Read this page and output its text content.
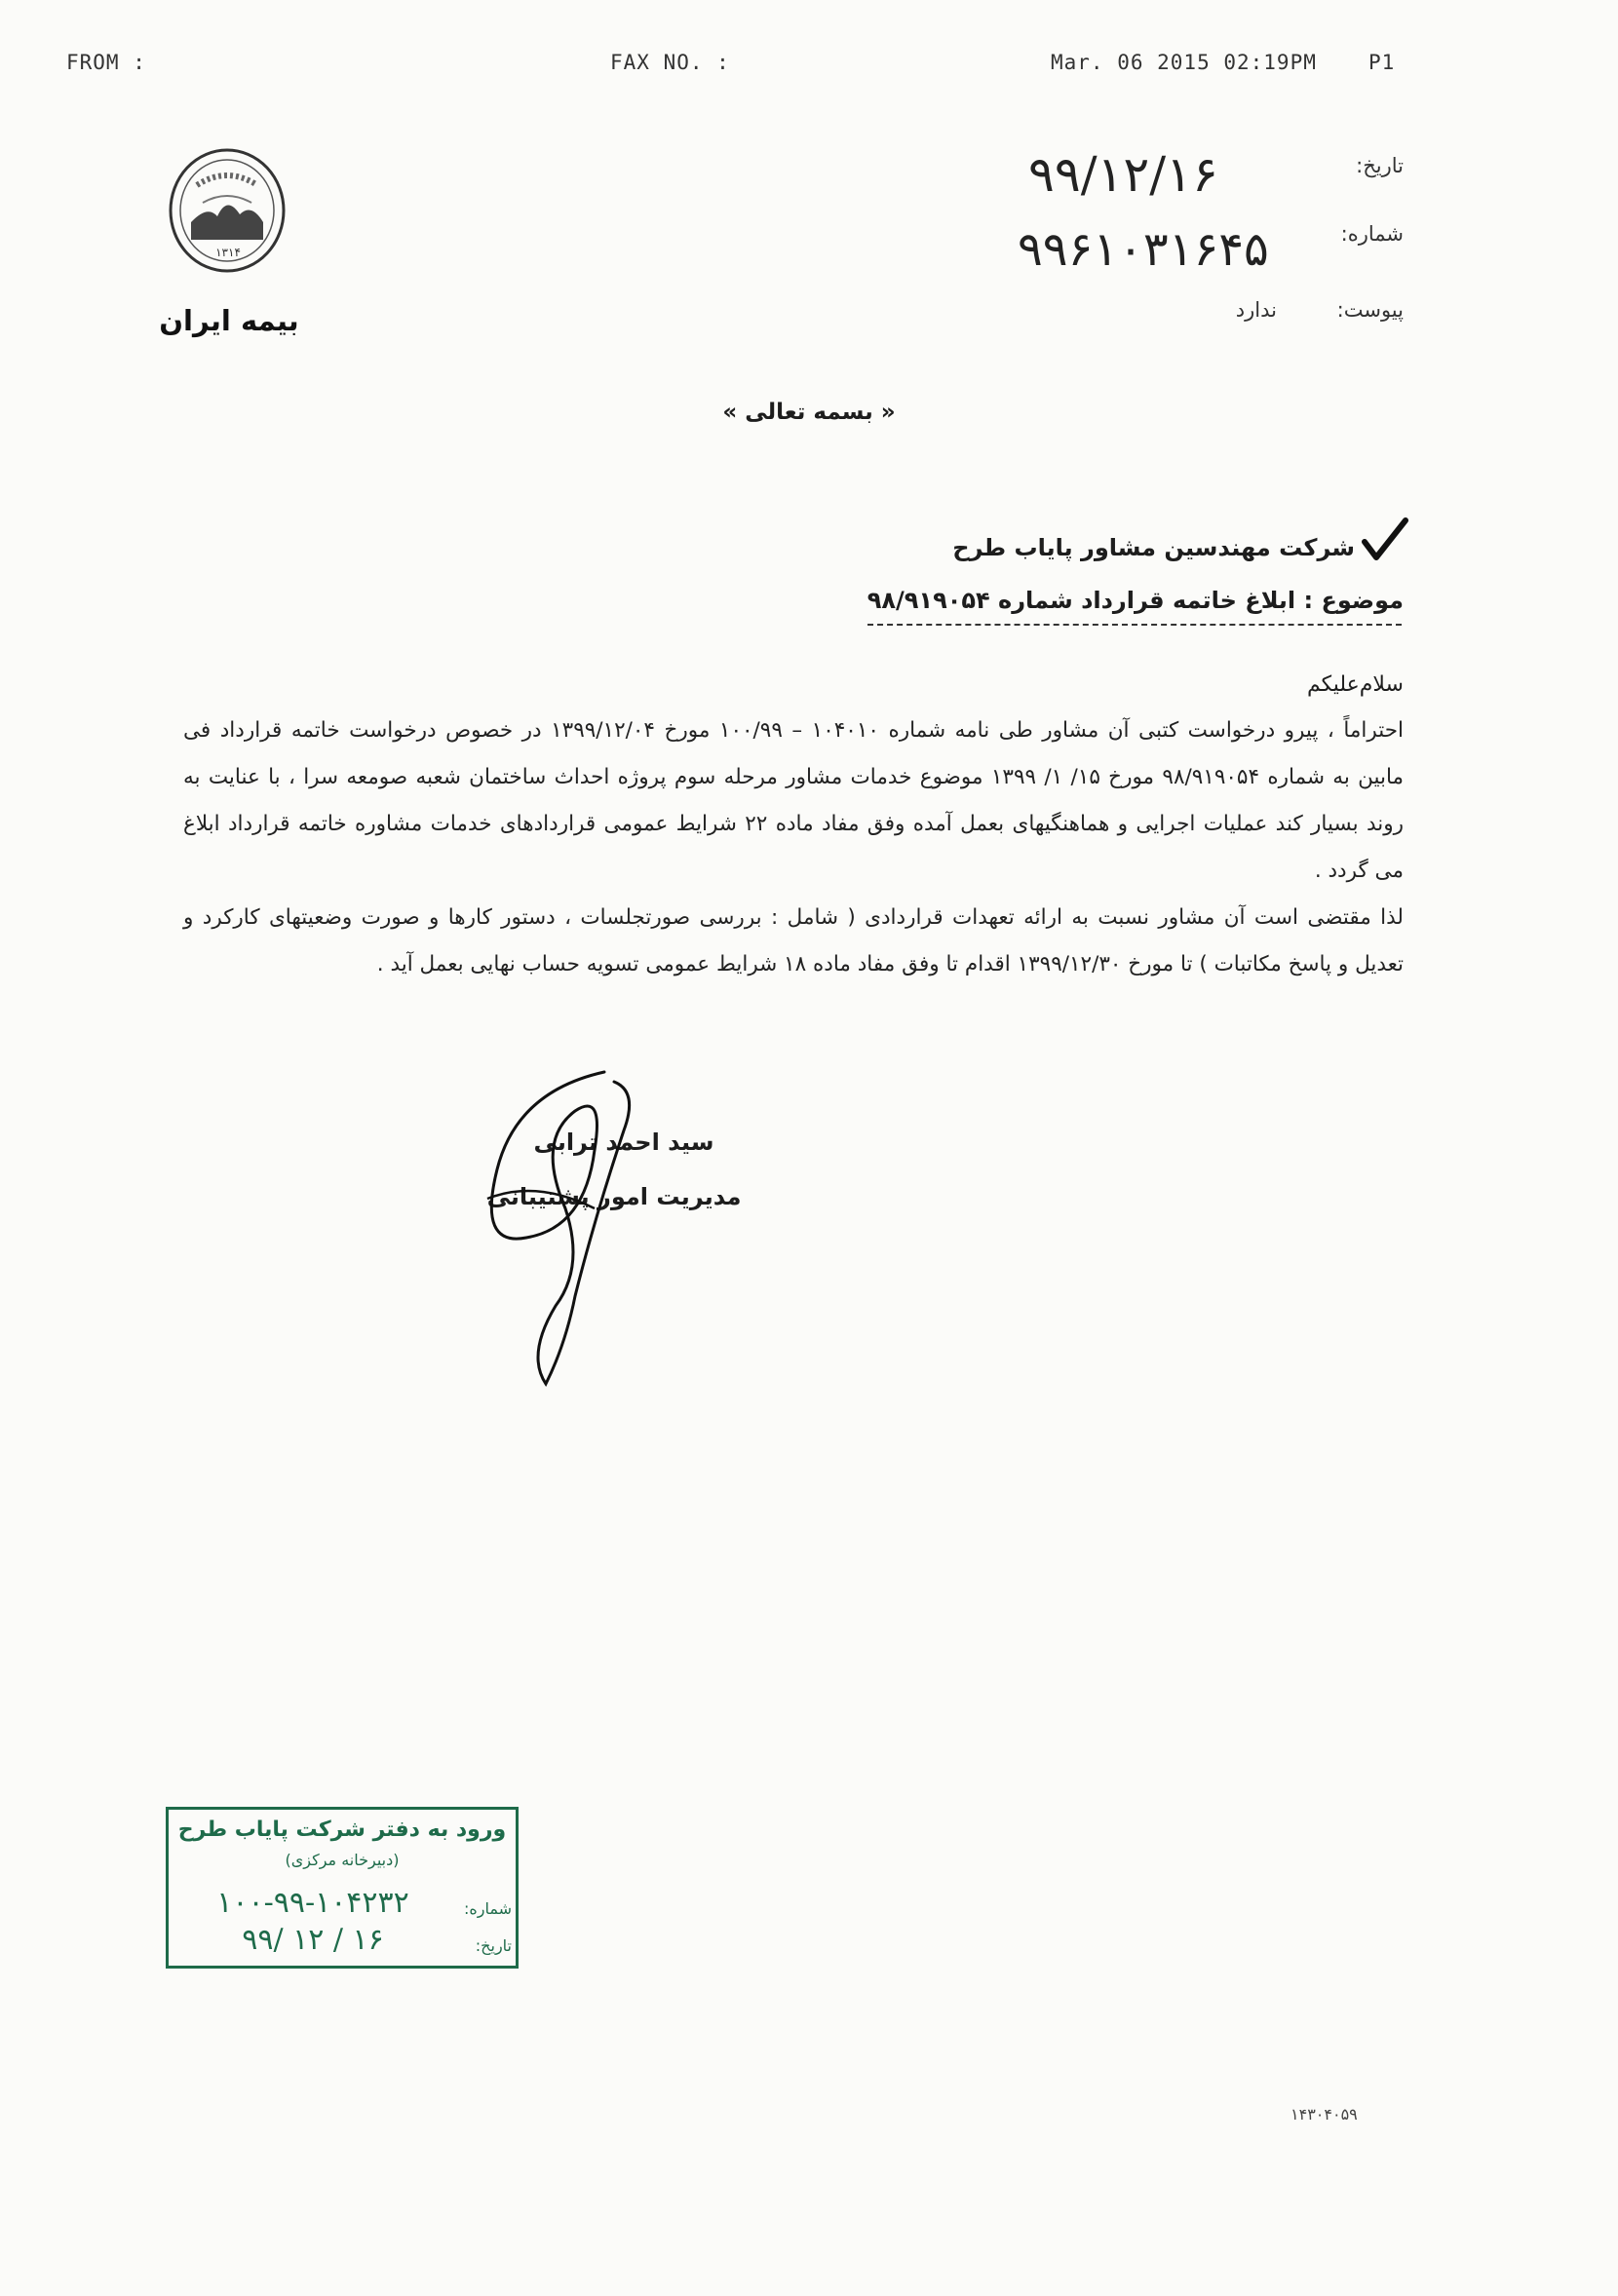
FROM :	FAX NO. :	Mar. 06 2015 02:19PM	P1
۱۳۱۴
بیمه ایران
تاریخ:
۹۹/۱۲/۱۶
شماره:
۹۹۶۱۰۳۱۶۴۵
پیوست:
ندارد
« بسمه تعالی »
شرکت مهندسین مشاور پایاب طرح
موضوع : ابلاغ خاتمه قرارداد شماره ۹۸/۹۱۹۰۵۴
سلام‌علیکم
احتراماً ، پیرو درخواست کتبی آن مشاور طی نامه شماره ۱۰۴۰۱۰ – ۱۰۰/۹۹ مورخ ۱۳۹۹/۱۲/۰۴ در خصوص درخواست خاتمه قرارداد فی مابین به شماره ۹۸/۹۱۹۰۵۴ مورخ ۱۵/ ۱/ ۱۳۹۹ موضوع خدمات مشاور مرحله سوم پروژه احداث ساختمان شعبه صومعه سرا ، با عنایت به روند بسیار کند عملیات اجرایی و هماهنگیهای بعمل آمده وفق مفاد ماده ۲۲ شرایط عمومی قراردادهای خدمات مشاوره خاتمه قرارداد ابلاغ می گردد .
لذا مقتضی است آن مشاور نسبت به ارائه تعهدات قراردادی ( شامل : بررسی صورتجلسات ، دستور کارها و صورت وضعیتهای کارکرد و تعدیل و پاسخ مکاتبات ) تا مورخ ۱۳۹۹/۱۲/۳۰ اقدام تا وفق مفاد ماده ۱۸ شرایط عمومی تسویه حساب نهایی بعمل آید .
سید احمد ترابی
مدیریت امور پشتیبانی
ورود به دفتر شرکت پایاب طرح
(دبیرخانه مرکزی)
شماره:
۱۰۰-۹۹-۱۰۴۲۳۲
تاریخ:
۹۹/ ۱۲ / ۱۶
۱۴۳۰۴۰۵۹
